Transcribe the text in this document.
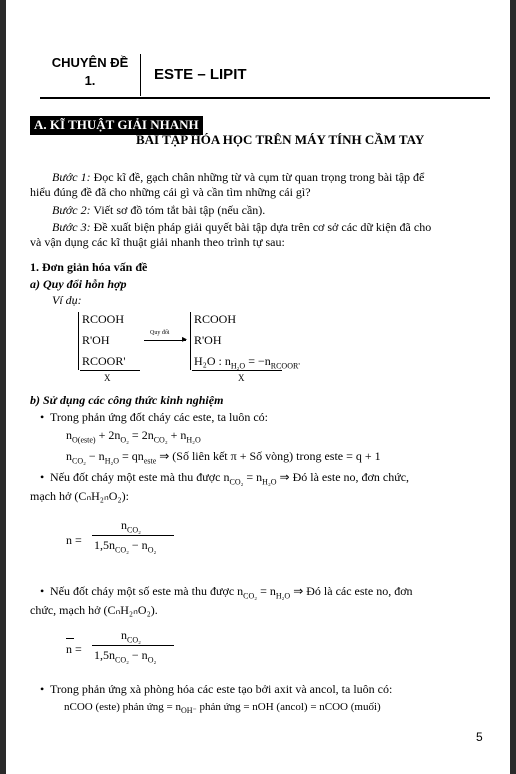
CHUYÊN ĐỀ
1.	ESTE – LIPIT
A. KĨ THUẬT GIẢI NHANH
BÀI TẬP HÓA HỌC TRÊN MÁY TÍNH CẦM TAY
Bước 1: Đọc kĩ đề, gạch chân những từ và cụm từ quan trọng trong bài tập để
hiểu đúng đề đã cho những cái gì và cần tìm những cái gì?
Bước 2: Viết sơ đồ tóm tắt bài tập (nếu cần).
Bước 3: Đề xuất biện pháp giải quyết bài tập dựa trên cơ sở các dữ kiện đã cho
và vận dụng các kĩ thuật giải nhanh theo trình tự sau:
1. Đơn giản hóa vấn đề
a) Quy đổi hỗn hợp
Ví dụ:
RCOOH
R'OH
RCOOR'
X
Quy đổi
▸
RCOOH
R'OH
H₂O : $n_{H_2O} = -n_{RCOOR'}$
X
b) Sử dụng các công thức kinh nghiệm
• Trong phản ứng đốt cháy các este, ta luôn có:
$n_{O(este)} + 2n_{O_2} = 2n_{CO_2} + n_{H_2O}$
$n_{CO_2} - n_{H_2O} = qn_{este}$ ⇒ (Số liên kết π + Số vòng) trong este = q + 1
• Nếu đốt cháy một este mà thu được $n_{CO_2} = n_{H_2O}$ ⇒ Đó là este no, đơn chức,
mạch hở (CₙH₂ₙO₂):
n =
$n_{CO_2}$
$1,5n_{CO_2} - n_{O_2}$
• Nếu đốt cháy một số este mà thu được $n_{CO_2} = n_{H_2O}$ ⇒ Đó là các este no, đơn
chức, mạch hở (CₙH₂ₙO₂).
n =
$n_{CO_2}$
$1,5n_{CO_2} - n_{O_2}$
• Trong phản ứng xà phòng hóa các este tạo bởi axit và ancol, ta luôn có:
nCOO (este) phản ứng = $n_{OH^-}$ phản ứng = nOH (ancol) = nCOO (muối)
5
